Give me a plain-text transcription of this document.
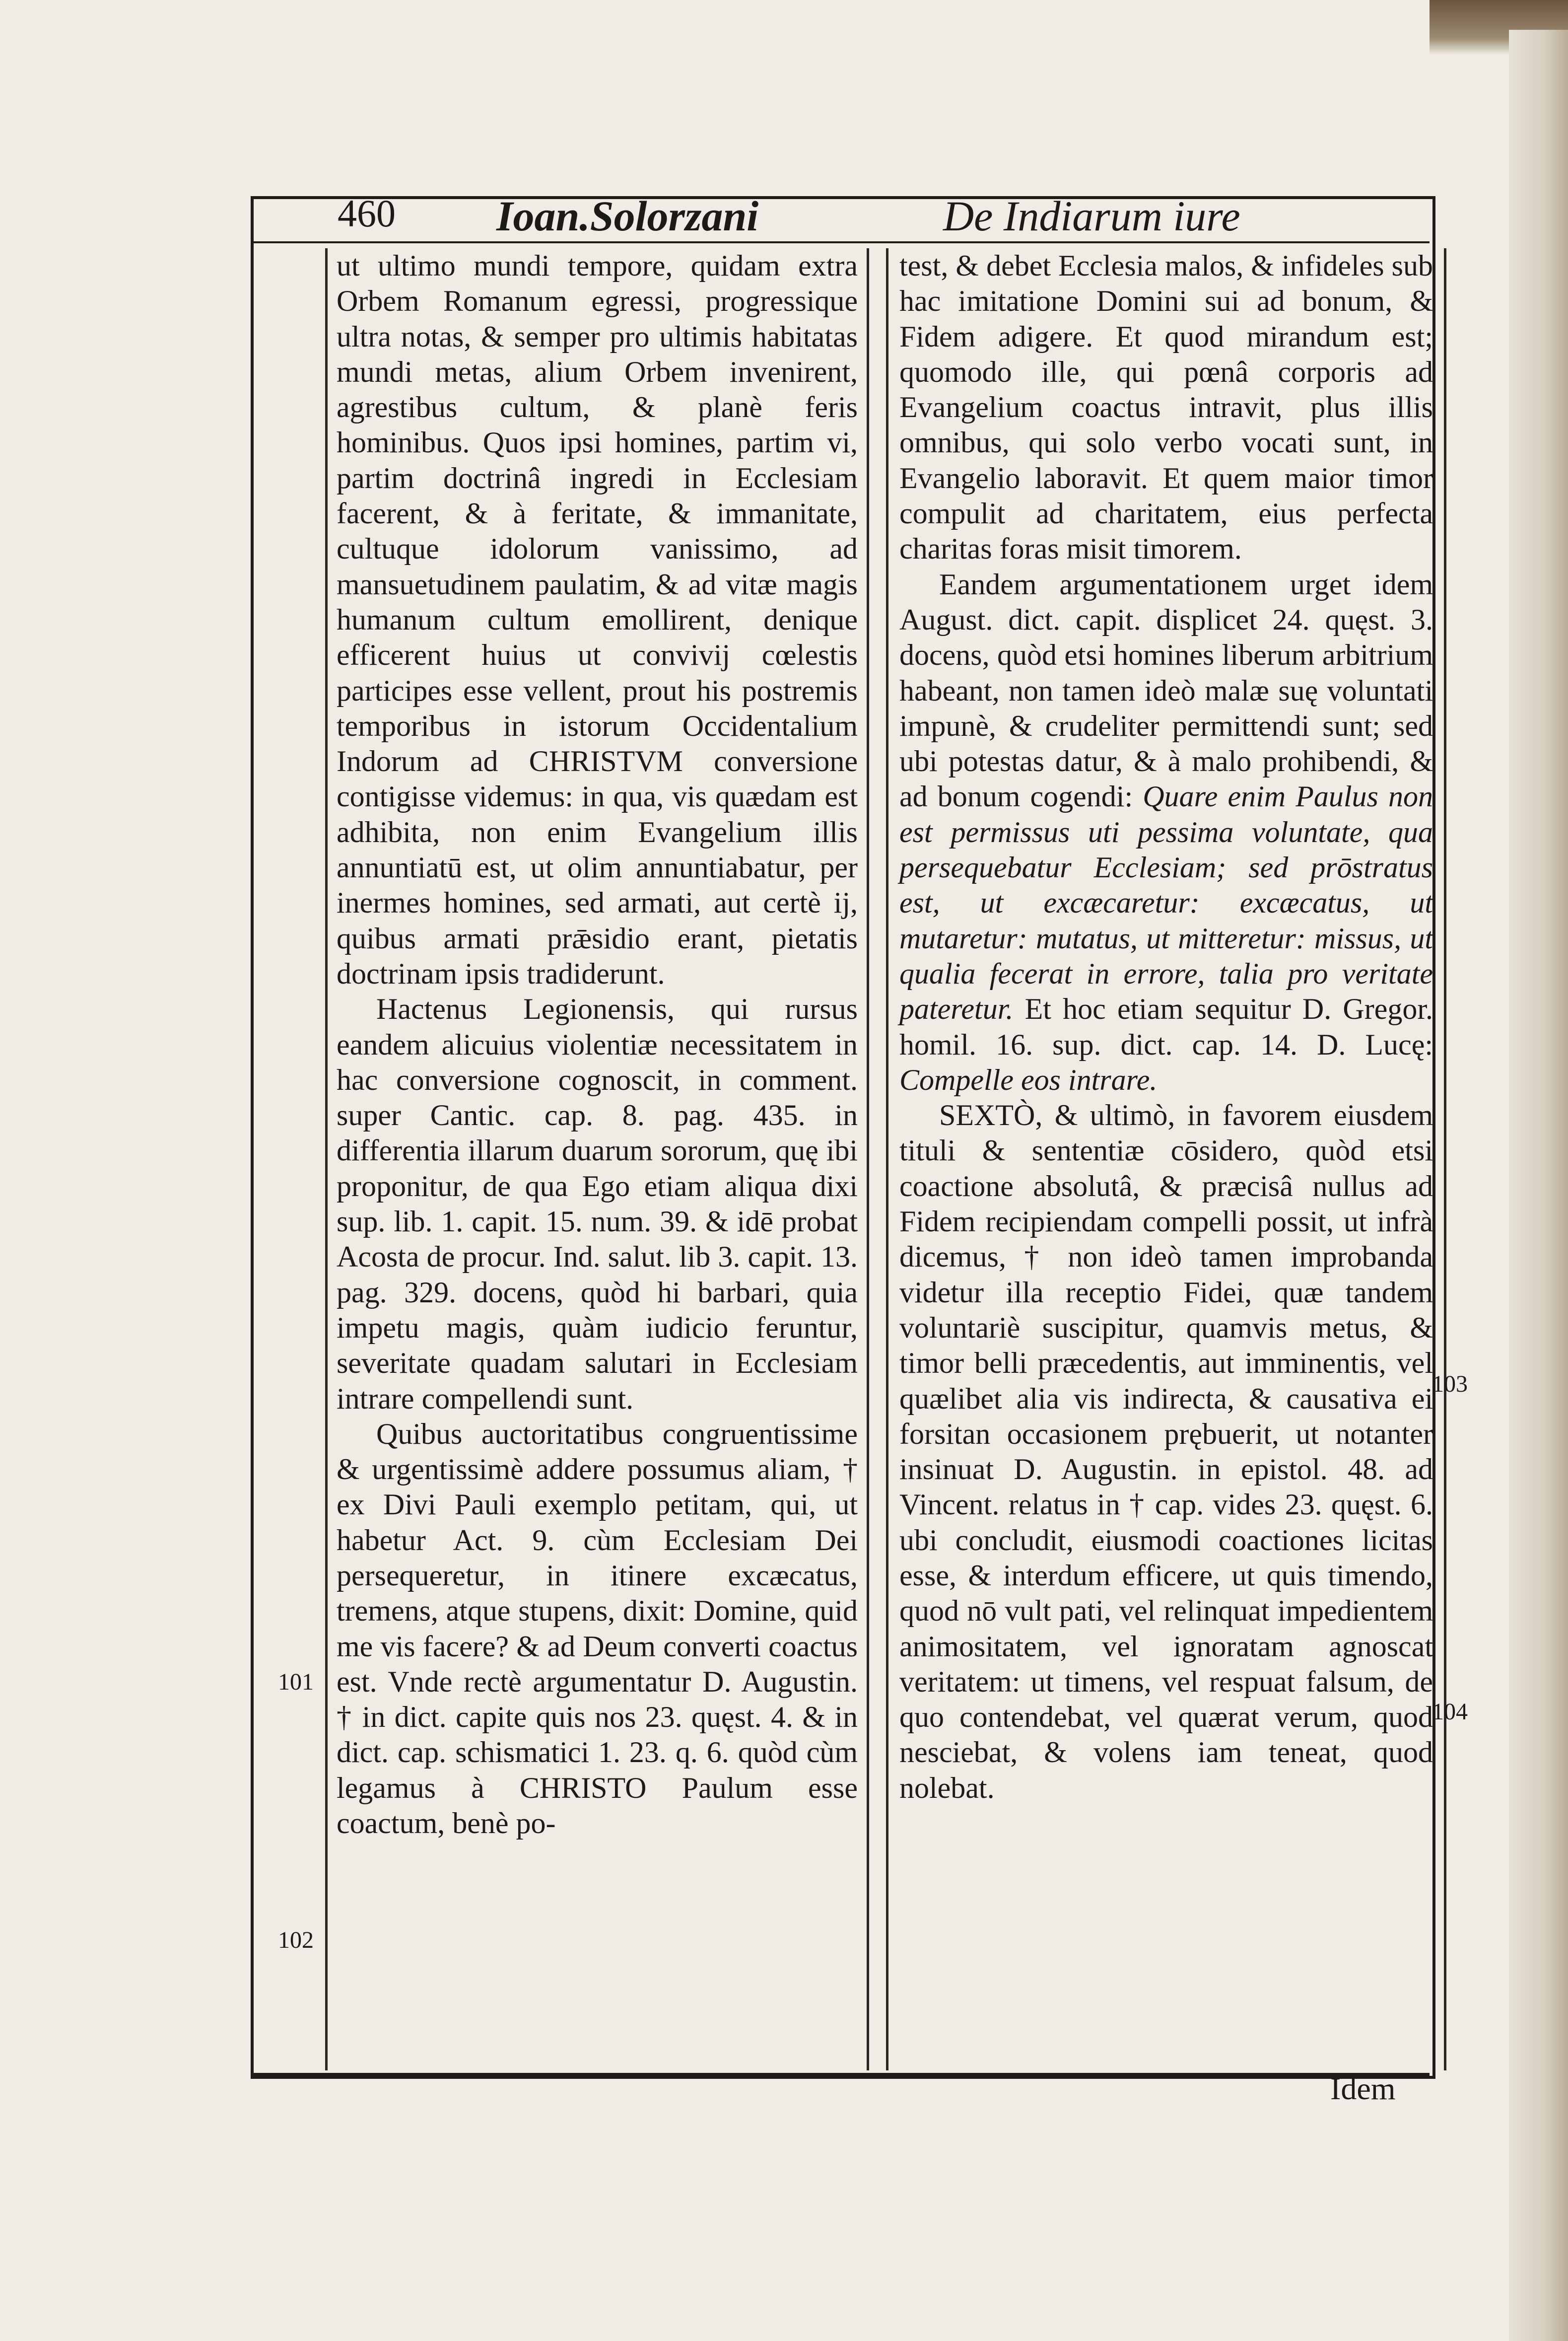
460 Ioan.Solorzani	De Indiarum iure

ut ultimo mundi tempore, quidam extra Orbem Romanum egressi, progressique ultra notas, & semper pro ultimis habitatas mundi metas, alium Orbem invenirent, agrestibus cultum, & planè feris hominibus. Quos ipsi homines, partim vi, partim doctrinâ ingredi in Ecclesiam facerent, & à feritate, & immanitate, cultuque idolorum vanissimo, ad mansuetudinem paulatim, & ad vitæ magis humanum cultum emollirent, denique efficerent huius ut convivij cœlestis participes esse vellent, prout his postremis temporibus in istorum Occidentalium Indorum ad CHRISTVM conversione contigisse videmus: in qua, vis quædam est adhibita, non enim Evangelium illis annuntiatū est, ut olim annuntiabatur, per inermes homines, sed armati, aut certè ij, quibus armati prǣsidio erant, pietatis doctrinam ipsis tradiderunt.

Hactenus Legionensis, qui rursus eandem alicuius violentiæ necessitatem in hac conversione cognoscit, in comment. super Cantic. cap. 8. pag. 435. in differentia illarum duarum sororum, quę ibi proponitur, de qua Ego etiam aliqua dixi sup. lib. 1. capit. 15. num. 39. & idē probat Acosta de procur. Ind. salut. lib 3. capit. 13. pag. 329. docens, quòd hi barbari, quia impetu magis, quàm iudicio feruntur, severitate quadam salutari in Ecclesiam intrare compellendi sunt.

Quibus auctoritatibus congruentissime & urgentissimè addere possumus aliam, † ex Divi Pauli exemplo petitam, qui, ut habetur Act. 9. cùm Ecclesiam Dei persequeretur, in itinere excæcatus, tremens, atque stupens, dixit: Domine, quid me vis facere? & ad Deum converti coactus est. Vnde rectè argumentatur D. Augustin. † in dict. capite quis nos 23. quęst. 4. & in dict. cap. schismatici 1. 23. q. 6. quòd cùm legamus à CHRISTO Paulum esse coactum, benè po-

test, & debet Ecclesia malos, & infideles sub hac imitatione Domini sui ad bonum, & Fidem adigere. Et quod mirandum est; quomodo ille, qui pœnâ corporis ad Evangelium coactus intravit, plus illis omnibus, qui solo verbo vocati sunt, in Evangelio laboravit. Et quem maior timor compulit ad charitatem, eius perfecta charitas foras misit timorem.

Eandem argumentationem urget idem August. dict. capit. displicet 24. quęst. 3. docens, quòd etsi homines liberum arbitrium habeant, non tamen ideò malæ suę voluntati impunè, & crudeliter permittendi sunt; sed ubi potestas datur, & à malo prohibendi, & ad bonum cogendi: Quare enim Paulus non est permissus uti pessima voluntate, qua persequebatur Ecclesiam; sed prōstratus est, ut excæcaretur: excæcatus, ut mutaretur: mutatus, ut mitteretur: missus, ut qualia fecerat in errore, talia pro veritate pateretur. Et hoc etiam sequitur D. Gregor. homil. 16. sup. dict. cap. 14. D. Lucę: Compelle eos intrare.

SEXTÒ, & ultimò, in favorem eiusdem tituli & sententiæ cōsidero, quòd etsi coactione absolutâ, & præcisâ nullus ad Fidem recipiendam compelli possit, ut infrà dicemus, † non ideò tamen improbanda videtur illa receptio Fidei, quæ tandem voluntariè suscipitur, quamvis metus, & timor belli præcedentis, aut imminentis, vel quælibet alia vis indirecta, & causativa ei forsitan occasionem prębuerit, ut notanter insinuat D. Augustin. in epistol. 48. ad Vincent. relatus in † cap. vides 23. quęst. 6. ubi concludit, eiusmodi coactiones licitas esse, & interdum efficere, ut quis timendo, quod nō vult pati, vel relinquat impedientem animositatem, vel ignoratam agnoscat veritatem: ut timens, vel respuat falsum, de quo contendebat, vel quærat verum, quod nesciebat, & volens iam teneat, quod nolebat.

101
102
103
104
Idem
